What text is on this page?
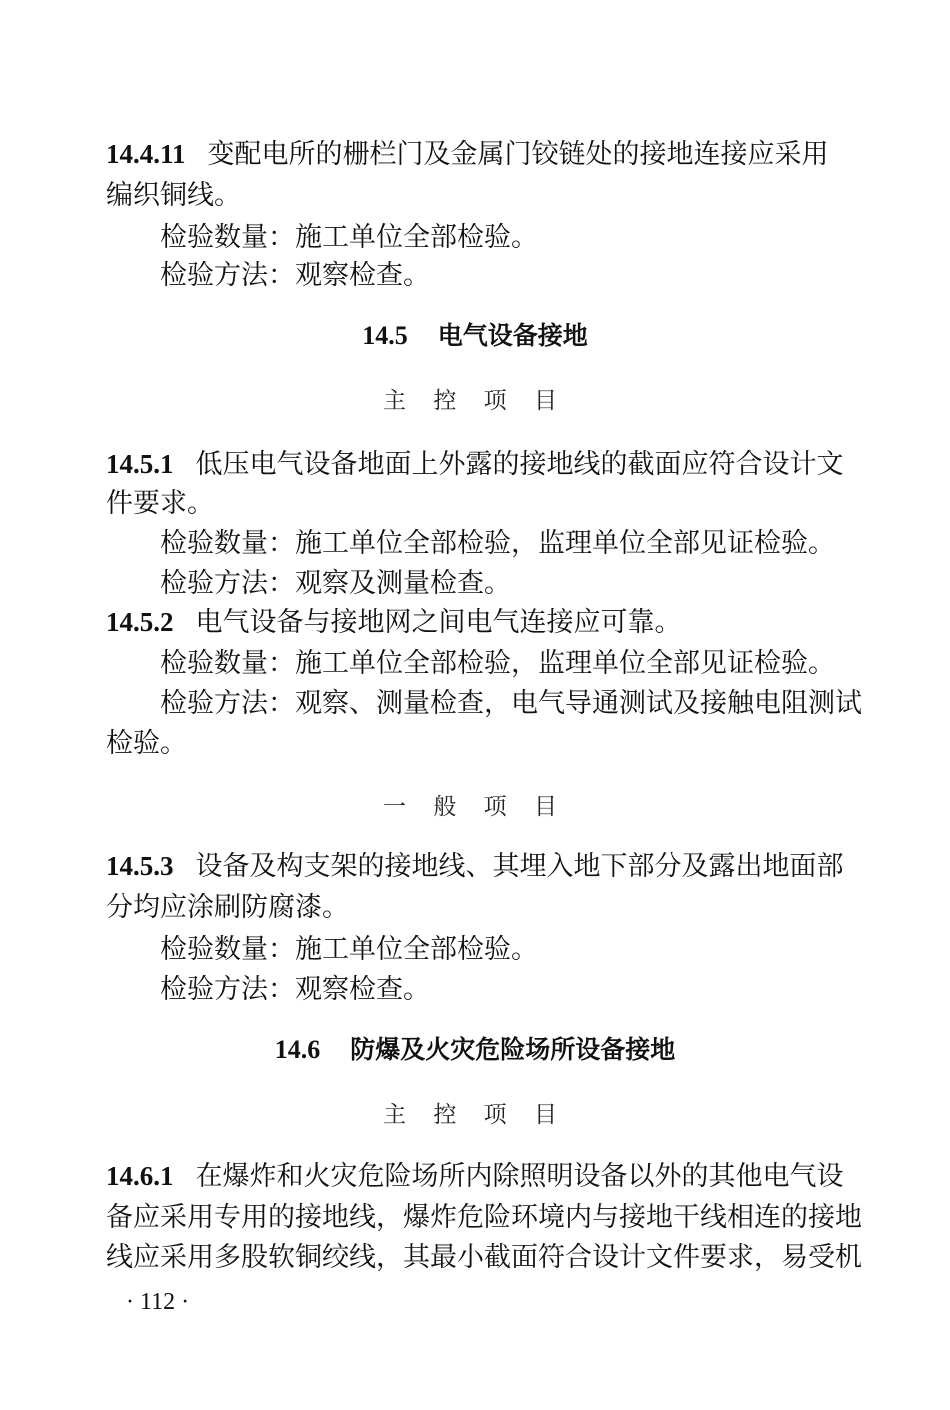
14.4.11 变配电所的栅栏门及金属门铰链处的接地连接应采用
编织铜线。
检验数量：施工单位全部检验。
检验方法：观察检查。
14.5 电气设备接地
主 控 项 目
14.5.1 低压电气设备地面上外露的接地线的截面应符合设计文
件要求。
检验数量：施工单位全部检验，监理单位全部见证检验。
检验方法：观察及测量检查。
14.5.2 电气设备与接地网之间电气连接应可靠。
检验数量：施工单位全部检验，监理单位全部见证检验。
检验方法：观察、测量检查，电气导通测试及接触电阻测试
检验。
一 般 项 目
14.5.3 设备及构支架的接地线、其埋入地下部分及露出地面部
分均应涂刷防腐漆。
检验数量：施工单位全部检验。
检验方法：观察检查。
14.6 防爆及火灾危险场所设备接地
主 控 项 目
14.6.1 在爆炸和火灾危险场所内除照明设备以外的其他电气设
备应采用专用的接地线，爆炸危险环境内与接地干线相连的接地
线应采用多股软铜绞线，其最小截面符合设计文件要求，易受机
· 112 ·
